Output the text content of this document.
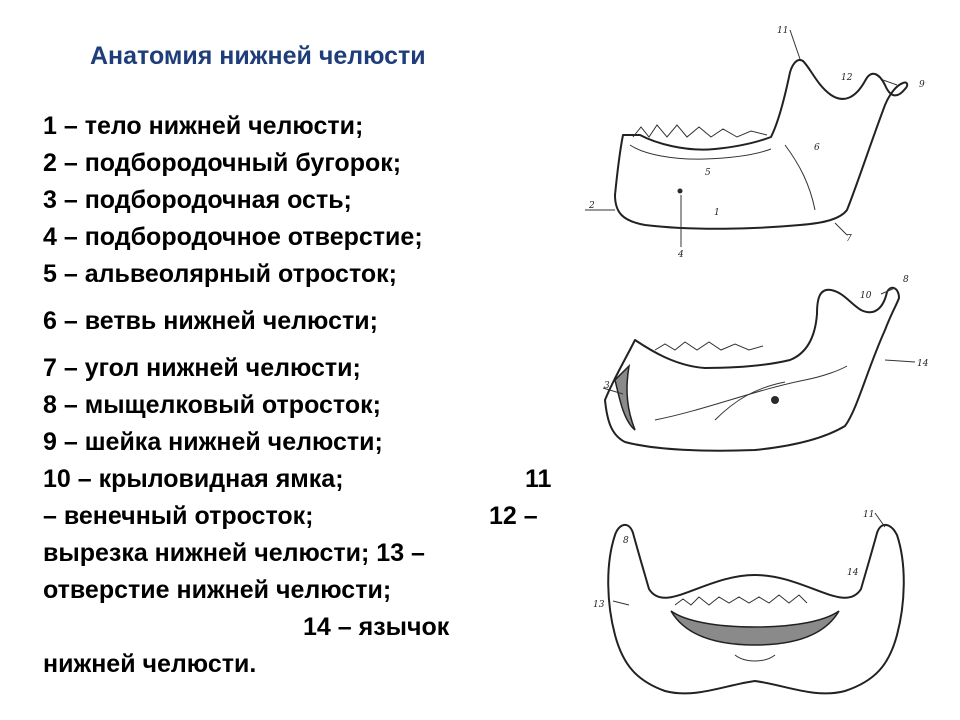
Анатомия нижней челюсти
1 – тело нижней челюсти;
2 – подбородочный бугорок;
3 – подбородочная ость;
4 – подбородочное отверстие;
5 – альвеолярный отросток;
6 – ветвь нижней челюсти;
7 – угол нижней челюсти;
8 – мыщелковый отросток;
9 – шейка нижней челюсти;
10 – крыловидная ямка;	11
– венечный отросток;	12 –
вырезка нижней челюсти; 13 –
отверстие нижней челюсти;
14 – язычок
нижней челюсти.
11
12
9
6
5
2
1
4
7
8
10
14
3
8
11
14
13
